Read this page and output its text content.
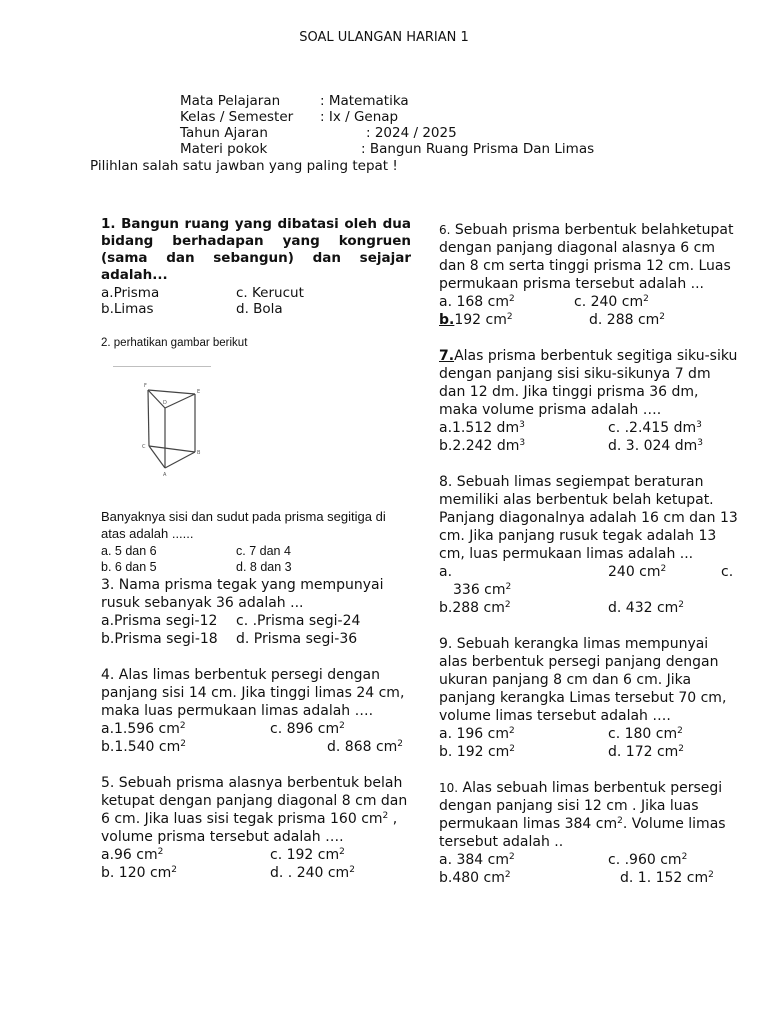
SOAL ULANGAN HARIAN 1
Mata Pelajaran	: Matematika
Kelas / Semester : Ix / Genap
Tahun Ajaran	: 2024 / 2025
Materi pokok	: Bangun Ruang Prisma Dan Limas
Pilihlan salah satu jawban yang paling tepat !

1. Bangun ruang yang dibatasi oleh dua bidang berhadapan yang kongruen (sama dan sebangun) dan sejajar adalah...

a.Prisma	c. Kerucut
b.Limas	d. Bola
2. perhatikan gambar berikut
F
D
E
C
B
A
Banyaknya sisi dan sudut pada prisma segitiga di atas adalah ......
a. 5 dan 6	c. 7 dan 4
b. 6 dan 5	d. 8 dan 3

3. Nama prisma tegak yang mempunyai rusuk sebanyak 36 adalah ...

a.Prisma segi-12 c. .Prisma segi-24
b.Prisma segi-18 d. Prisma segi-36

4. Alas limas berbentuk persegi dengan panjang sisi 14 cm. Jika tinggi limas 24 cm, maka luas permukaan limas adalah ….

a.1.596 $cm^2$	c. 896 $cm^2$
b.1.540 $cm^2$	d. 868 $cm^2$

5. Sebuah prisma alasnya berbentuk belah ketupat dengan panjang diagonal 8 cm dan 6 cm. Jika luas sisi tegak prisma 160 $cm^2$ , volume prisma tersebut adalah ….

a.96 $cm^2$	c. 192 $cm^2$
b. 120 $cm^2$	d. . 240 $cm^2$

6. Sebuah prisma berbentuk belahketupat dengan panjang diagonal alasnya 6 cm dan 8 cm serta tinggi prisma 12 cm. Luas permukaan prisma tersebut adalah ...

a. 168 $cm^2$	c. 240 $cm^2$
b.192 $cm^2$	d. 288 $cm^2$

7.Alas prisma berbentuk segitiga siku-siku dengan panjang sisi siku-sikunya 7 dm dan 12 dm. Jika tinggi prisma 36 dm, maka volume prisma adalah ….

a.1.512 $dm^3$	c. .2.415 $dm^3$
b.2.242 $dm^3$	d. 3. 024 $dm^3$

8. Sebuah limas segiempat beraturan memiliki alas berbentuk belah ketupat. Panjang diagonalnya adalah 16 cm dan 13 cm. Jika panjang rusuk tegak adalah 13 cm, luas permukaan limas adalah ...

a.	240 $cm^2$	c.
336 $cm^2$
b.288 $cm^2$	d. 432 $cm^2$

9. Sebuah kerangka limas mempunyai alas berbentuk persegi panjang dengan ukuran panjang 8 cm dan 6 cm. Jika panjang kerangka Limas tersebut 70 cm, volume limas tersebut adalah ….

a. 196 $cm^2$	c. 180 $cm^2$
b. 192 $cm^2$	d. 172 $cm^2$

10. Alas sebuah limas berbentuk persegi dengan panjang sisi 12 cm . Jika luas permukaan limas 384 $cm^2$. Volume limas tersebut adalah ..

a. 384 $cm^2$	c. .960 $cm^2$
b.480 $cm^2$	d. 1. 152 $cm^2$
